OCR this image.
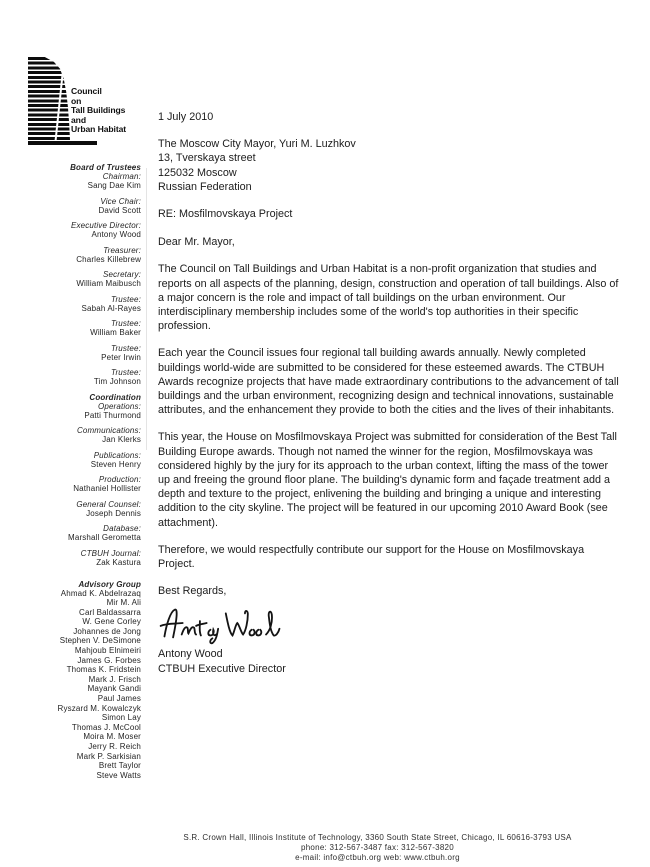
Council
on
Tall Buildings
and
Urban Habitat
Board of Trustees
Chairman:
Sang Dae Kim
Vice Chair:
David Scott
Executive Director:
Antony Wood
Treasurer:
Charles Killebrew
Secretary:
William Maibusch
Trustee:
Sabah Al-Rayes
Trustee:
William Baker
Trustee:
Peter Irwin
Trustee:
Tim Johnson
Coordination
Operations:
Patti Thurmond
Communications:
Jan Klerks
Publications:
Steven Henry
Production:
Nathaniel Hollister
General Counsel:
Joseph Dennis
Database:
Marshall Gerometta
CTBUH Journal:
Zak Kastura
Advisory Group
Ahmad K. Abdelrazaq
Mir M. Ali
Carl Baldassarra
W. Gene Corley
Johannes de Jong
Stephen V. DeSimone
Mahjoub Elnimeiri
James G. Forbes
Thomas K. Fridstein
Mark J. Frisch
Mayank Gandi
Paul James
Ryszard M. Kowalczyk
Simon Lay
Thomas J. McCool
Moira M. Moser
Jerry R. Reich
Mark P. Sarkisian
Brett Taylor
Steve Watts
1 July 2010
The Moscow City Mayor, Yuri M. Luzhkov
13, Tverskaya street
125032 Moscow
Russian Federation
RE: Mosfilmovskaya Project
Dear Mr. Mayor,

The Council on Tall Buildings and Urban Habitat is a non-profit organization that studies and reports on all aspects of the planning, design, construction and operation of tall buildings. Also of a major concern is the role and impact of tall buildings on the urban environment. Our interdisciplinary membership includes some of the world's top authorities in their specific profession.

Each year the Council issues four regional tall building awards annually. Newly completed buildings world-wide are submitted to be considered for these esteemed awards. The CTBUH Awards recognize projects that have made extraordinary contributions to the advancement of tall buildings and the urban environment, recognizing design and technical innovations, sustainable attributes, and the enhancement they provide to both the cities and the lives of their inhabitants.

This year, the House on Mosfilmovskaya Project was submitted for consideration of the Best Tall Building Europe awards. Though not named the winner for the region, Mosfilmovskaya was considered highly by the jury for its approach to the urban context, lifting the mass of the tower up and freeing the ground floor plane. The building's dynamic form and façade treatment add a depth and texture to the project, enlivening the building and bringing a unique and interesting addition to the city skyline. The project will be featured in our upcoming 2010 Award Book (see attachment).

Therefore, we would respectfully contribute our support for the House on Mosfilmovskaya Project.

Best Regards,
Antony Wood
CTBUH Executive Director
S.R. Crown Hall, Illinois Institute of Technology, 3360 South State Street, Chicago, IL 60616-3793 USA
phone: 312-567-3487 fax: 312-567-3820
e-mail: info@ctbuh.org web: www.ctbuh.org
